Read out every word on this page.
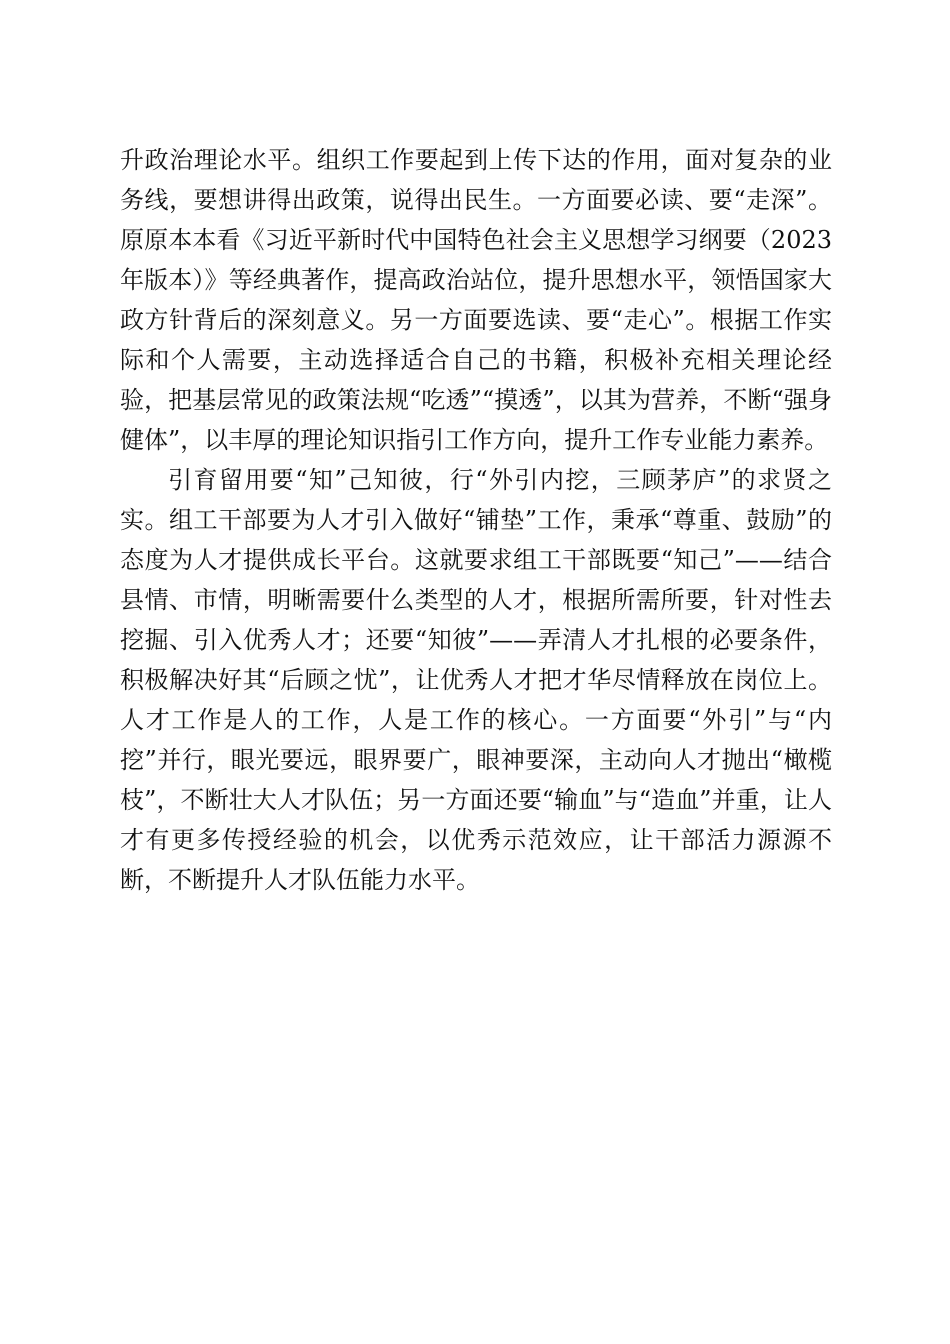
升政治理论水平。组织工作要起到上传下达的作用，面对复杂的业务线，要想讲得出政策，说得出民生。一方面要必读、要“走深”。原原本本看《习近平新时代中国特色社会主义思想学习纲要（2023年版本）》等经典著作，提高政治站位，提升思想水平，领悟国家大政方针背后的深刻意义。另一方面要选读、要“走心”。根据工作实际和个人需要，主动选择适合自己的书籍，积极补充相关理论经验，把基层常见的政策法规“吃透”“摸透”，以其为营养，不断“强身健体”，以丰厚的理论知识指引工作方向，提升工作专业能力素养。

引育留用要“知”己知彼，行“外引内挖，三顾茅庐”的求贤之实。组工干部要为人才引入做好“铺垫”工作，秉承“尊重、鼓励”的态度为人才提供成长平台。这就要求组工干部既要“知己”——结合县情、市情，明晰需要什么类型的人才，根据所需所要，针对性去挖掘、引入优秀人才；还要“知彼”——弄清人才扎根的必要条件，积极解决好其“后顾之忧”，让优秀人才把才华尽情释放在岗位上。人才工作是人的工作，人是工作的核心。一方面要“外引”与“内挖”并行，眼光要远，眼界要广，眼神要深，主动向人才抛出“橄榄枝”，不断壮大人才队伍；另一方面还要“输血”与“造血”并重，让人才有更多传授经验的机会，以优秀示范效应，让干部活力源源不断，不断提升人才队伍能力水平。
